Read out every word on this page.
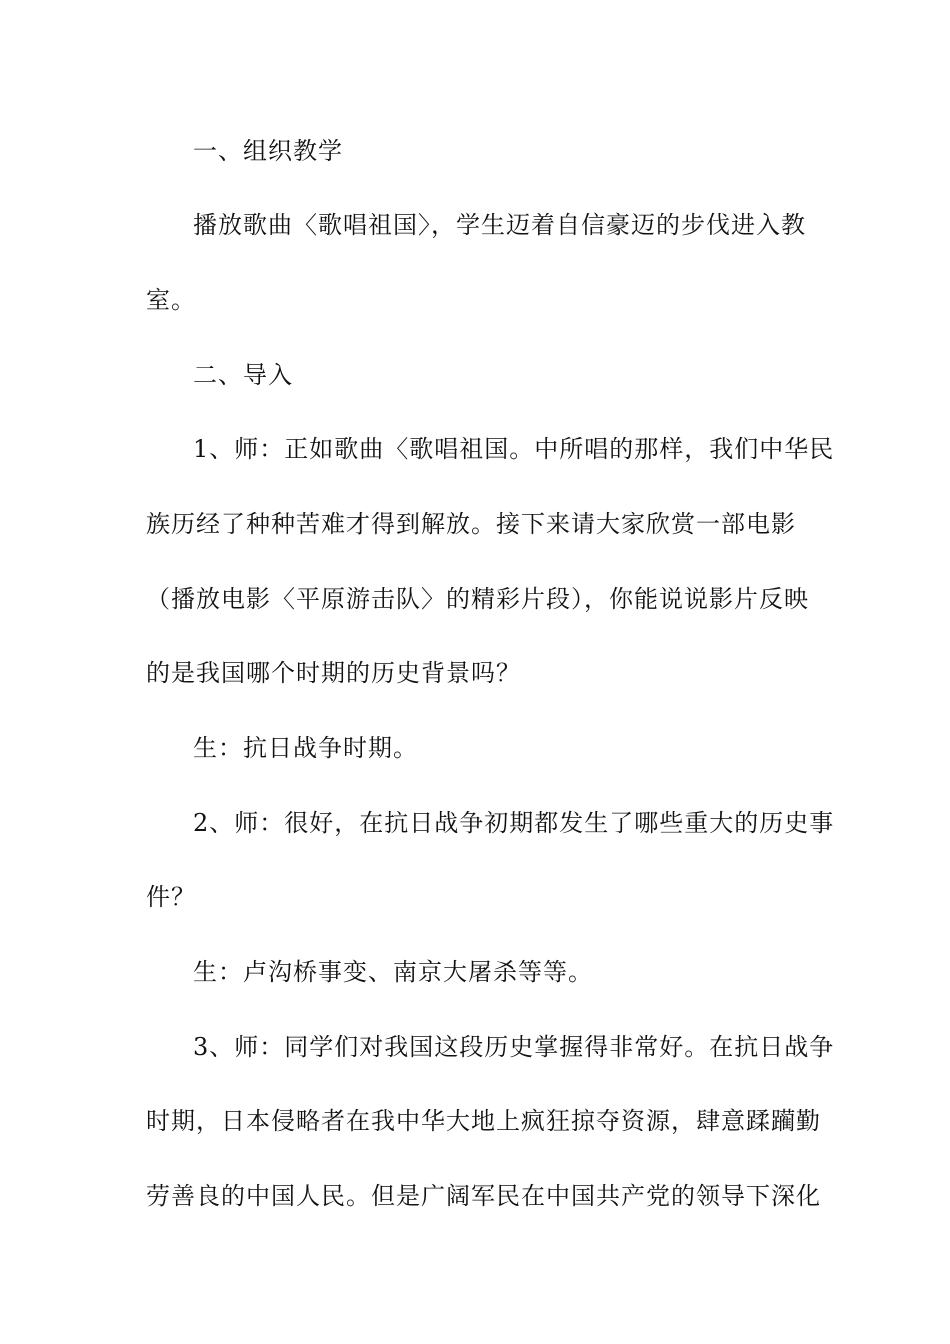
一、组织教学
播放歌曲〈歌唱祖国〉，学生迈着自信豪迈的步伐进入教
室。
二、导入
1、师：正如歌曲〈歌唱祖国。中所唱的那样，我们中华民
族历经了种种苦难才得到解放。接下来请大家欣赏一部电影
（播放电影〈平原游击队〉的精彩片段），你能说说影片反映
的是我国哪个时期的历史背景吗？
生：抗日战争时期。
2、师：很好，在抗日战争初期都发生了哪些重大的历史事
件？
生：卢沟桥事变、南京大屠杀等等。
3、师：同学们对我国这段历史掌握得非常好。在抗日战争
时期，日本侵略者在我中华大地上疯狂掠夺资源，肆意蹂躏勤
劳善良的中国人民。但是广阔军民在中国共产党的领导下深化
